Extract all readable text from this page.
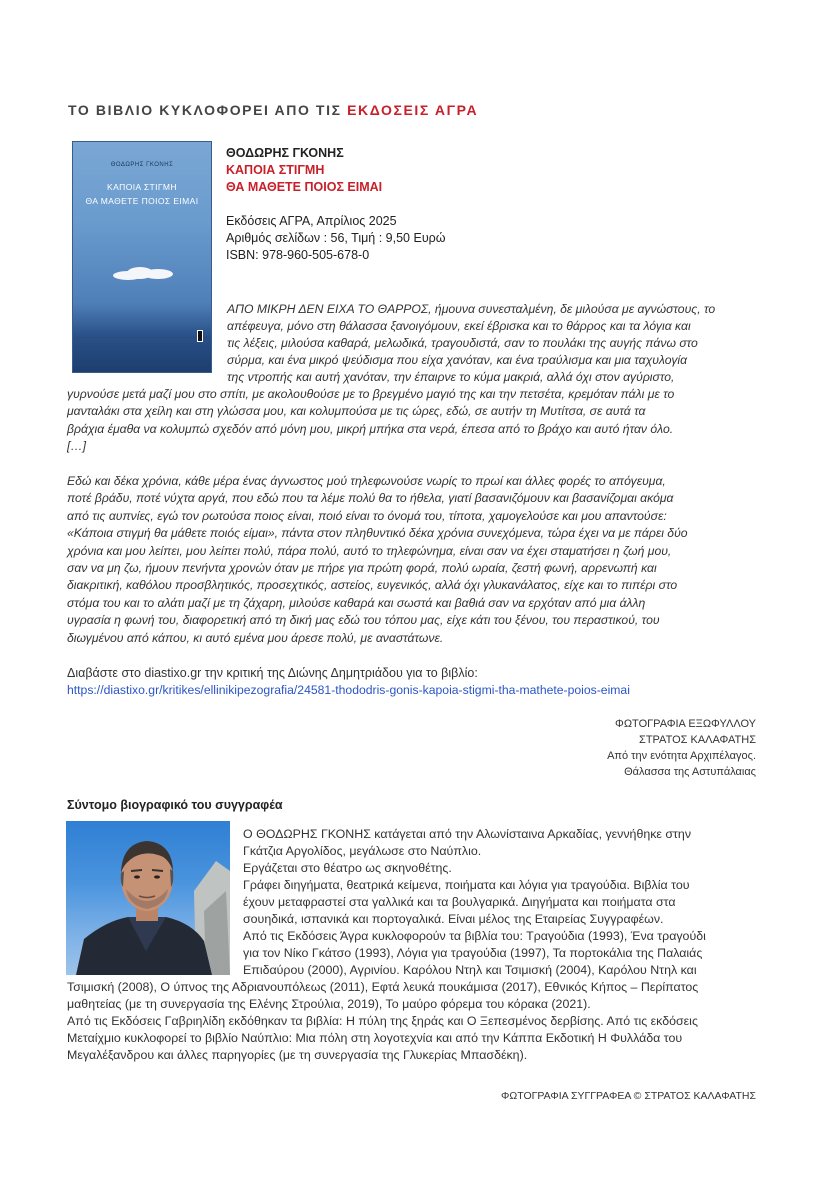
ΤΟ ΒΙΒΛΙΟ ΚΥΚΛΟΦΟΡΕΙ ΑΠΟ ΤΙΣ ΕΚΔΟΣΕΙΣ ΑΓΡΑ
ΘΟΔΩΡΗΣ ΓΚΟΝΗΣ
ΚΑΠΟΙΑ ΣΤΙΓΜΗ
ΘΑ ΜΑΘΕΤΕ ΠΟΙΟΣ ΕΙΜΑΙ
ΘΟΔΩΡΗΣ ΓΚΟΝΗΣ
ΚΑΠΟΙΑ ΣΤΙΓΜΗ
ΘΑ ΜΑΘΕΤΕ ΠΟΙΟΣ ΕΙΜΑΙ
Εκδόσεις ΑΓΡΑ, Απρίλιος 2025
Αριθμός σελίδων : 56, Τιμή : 9,50 Ευρώ
ISBN: 978-960-505-678-0
ΑΠΟ ΜΙΚΡΗ ΔΕΝ ΕΙΧΑ ΤΟ ΘΑΡΡΟΣ, ήμουνα συνεσταλμένη, δε μιλούσα με αγνώστους, το
απέφευγα, μόνο στη θάλασσα ξανοιγόμουν, εκεί έβρισκα και το θάρρος και τα λόγια και
τις λέξεις, μιλούσα καθαρά, μελωδικά, τραγουδιστά, σαν το πουλάκι της αυγής πάνω στο
σύρμα, και ένα μικρό ψεύδισμα που είχα χανόταν, και ένα τραύλισμα και μια ταχυλογία
της ντροπής και αυτή χανόταν, την έπαιρνε το κύμα μακριά, αλλά όχι στον αγύριστο,
γυρνούσε μετά μαζί μου στο σπίτι, με ακολουθούσε με το βρεγμένο μαγιό της και την πετσέτα, κρεμόταν πάλι με το
μανταλάκι στα χείλη και στη γλώσσα μου, και κολυμπούσα με τις ώρες, εδώ, σε αυτήν τη Μυτίτσα, σε αυτά τα
βράχια έμαθα να κολυμπώ σχεδόν από μόνη μου, μικρή μπήκα στα νερά, έπεσα από το βράχο και αυτό ήταν όλο.
[…]
Εδώ και δέκα χρόνια, κάθε μέρα ένας άγνωστος μού τηλεφωνούσε νωρίς το πρωί και άλλες φορές το απόγευμα,
ποτέ βράδυ, ποτέ νύχτα αργά, που εδώ που τα λέμε πολύ θα το ήθελα, γιατί βασανιζόμουν και βασανίζομαι ακόμα
από τις αυπνίες, εγώ τον ρωτούσα ποιος είναι, ποιό είναι το όνομά του, τίποτα, χαμογελούσε και μου απαντούσε:
«Κάποια στιγμή θα μάθετε ποιός είμαι», πάντα στον πληθυντικό δέκα χρόνια συνεχόμενα, τώρα έχει να με πάρει δύο
χρόνια και μου λείπει, μου λείπει πολύ, πάρα πολύ, αυτό το τηλεφώνημα, είναι σαν να έχει σταματήσει η ζωή μου,
σαν να μη ζω, ήμουν πενήντα χρονών όταν με πήρε για πρώτη φορά, πολύ ωραία, ζεστή φωνή, αρρενωπή και
διακριτική, καθόλου προσβλητικός, προσεχτικός, αστείος, ευγενικός, αλλά όχι γλυκανάλατος, είχε και το πιπέρι στο
στόμα του και το αλάτι μαζί με τη ζάχαρη, μιλούσε καθαρά και σωστά και βαθιά σαν να ερχόταν από μια άλλη
υγρασία η φωνή του, διαφορετική από τη δική μας εδώ του τόπου μας, είχε κάτι του ξένου, του περαστικού, του
διωγμένου από κάπου, κι αυτό εμένα μου άρεσε πολύ, με αναστάτωνε.
Διαβάστε στο diastixo.gr την κριτική της Διώνης Δημητριάδου για το βιβλίο:
https://diastixo.gr/kritikes/ellinikipezografia/24581-thododris-gonis-kapoia-stigmi-tha-mathete-poios-eimai
ΦΩΤΟΓΡΑΦΙΑ ΕΞΩΦΥΛΛΟΥ
ΣΤΡΑΤΟΣ ΚΑΛΑΦΑΤΗΣ
Από την ενότητα Αρχιπέλαγος.
Θάλασσα της Αστυπάλαιας
Σύντομο βιογραφικό του συγγραφέα
Ο ΘΟΔΩΡΗΣ ΓΚΟΝΗΣ κατάγεται από την Αλωνίσταινα Αρκαδίας, γεννήθηκε στην
Γκάτζια Αργολίδος, μεγάλωσε στο Ναύπλιο.
Εργάζεται στο θέατρο ως σκηνοθέτης.
Γράφει διηγήματα, θεατρικά κείμενα, ποιήματα και λόγια για τραγούδια. Βιβλία του
έχουν μεταφραστεί στα γαλλικά και τα βουλγαρικά. Διηγήματα και ποιήματα στα
σουηδικά, ισπανικά και πορτογαλικά. Είναι μέλος της Εταιρείας Συγγραφέων.
Από τις Εκδόσεις Άγρα κυκλοφορούν τα βιβλία του: Τραγούδια (1993), Ένα τραγούδι
για τον Νίκο Γκάτσο (1993), Λόγια για τραγούδια (1997), Τα πορτοκάλια της Παλαιάς
Επιδαύρου (2000), Αγρινίου. Καρόλου Ντηλ και Τσιμισκή (2004), Καρόλου Ντηλ και
Τσιμισκή (2008), Ο ύπνος της Αδριανουπόλεως (2011), Εφτά λευκά πουκάμισα (2017), Εθνικός Κήπος – Περίπατος
μαθητείας (με τη συνεργασία της Ελένης Στρούλια, 2019), Το μαύρο φόρεμα του κόρακα (2021).
Από τις Εκδόσεις Γαβριηλίδη εκδόθηκαν τα βιβλία: Η πύλη της ξηράς και Ο Ξεπεσμένος δερβίσης. Από τις εκδόσεις
Μεταίχμιο κυκλοφορεί το βιβλίο Ναύπλιο: Μια πόλη στη λογοτεχνία και από την Κάππα Εκδοτική Η Φυλλάδα του
Μεγαλέξανδρου και άλλες παρηγορίες (με τη συνεργασία της Γλυκερίας Μπασδέκη).
ΦΩΤΟΓΡΑΦΙΑ ΣΥΓΓΡΑΦΕΑ © ΣΤΡΑΤΟΣ ΚΑΛΑΦΑΤΗΣ
